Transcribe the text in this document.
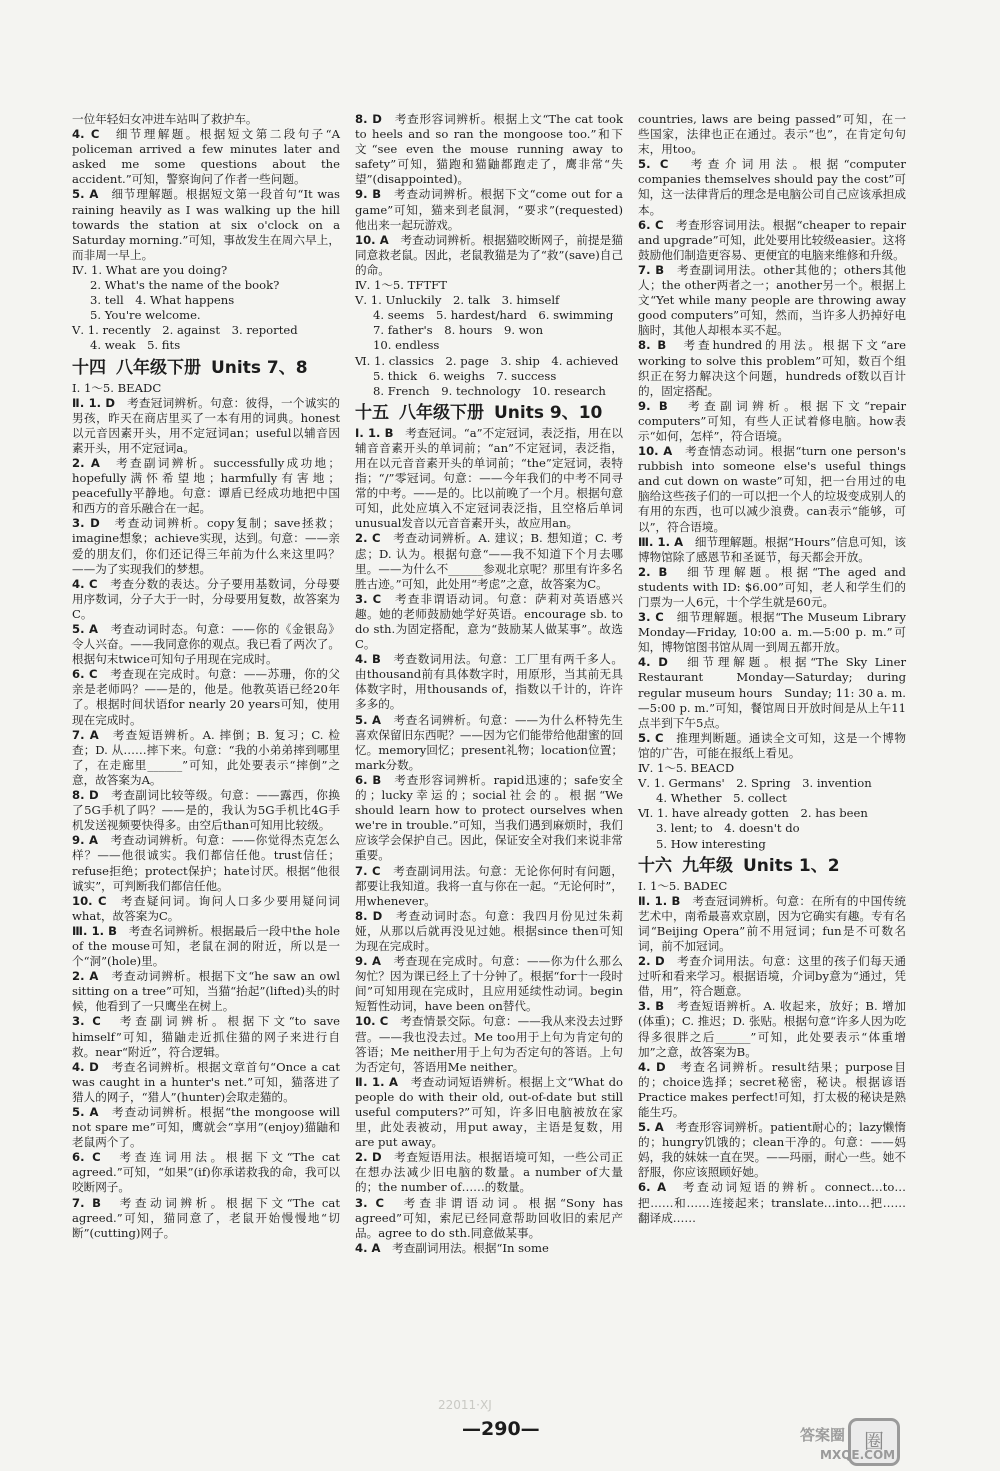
一位年轻妇女冲进车站叫了救护车。

4. C　 细节理解题。根据短文第二段句子“A policeman arrived a few minutes later and asked me some questions about the accident.”可知，警察询问了作者一些问题。

5. A　 细节理解题。根据短文第一段首句“It was raining heavily as I was walking up the hill towards the station at six o'clock on a Saturday morning.”可知，事故发生在周六早上，而非周一早上。

Ⅳ. 1. What are you doing?

2. What's the name of the book?

3. tell　4. What happens

5. You're welcome.

Ⅴ. 1. recently　2. against　3. reported

4. weak　5. fits

十四 八年级下册 Units 7、8

Ⅰ. 1～5. BEADC

Ⅱ. 1. D　 考查冠词辨析。句意：彼得，一个诚实的男孩，昨天在商店里买了一本有用的词典。honest以元音因素开头，用不定冠词an；useful以辅音因素开头，用不定冠词a。

2. A　 考查副词辨析。successfully成功地；hopefully满怀希望地；harmfully有害地；peacefully平静地。句意：谭盾已经成功地把中国和西方的音乐融合在一起。

3. D　 考查动词辨析。copy复制；save拯救；imagine想象；achieve实现，达到。句意：——亲爱的朋友们，你们还记得三年前为什么来这里吗？——为了实现我们的梦想。

4. C　 考查分数的表达。分子要用基数词，分母要用序数词，分子大于一时，分母要用复数，故答案为C。

5. A　 考查动词时态。句意：——你的《金银岛》令人兴奋。——我同意你的观点。我已看了两次了。根据句末twice可知句子用现在完成时。

6. C　 考查现在完成时。句意：——苏珊，你的父亲是老师吗？——是的，他是。他教英语已经20年了。根据时间状语for nearly 20 years可知，使用现在完成时。

7. A　 考查短语辨析。A. 摔倒；B. 复习；C. 检查；D. 从……摔下来。句意：“我的小弟弟摔到哪里了，在走廊里______”可知，此处要表示“摔倒”之意，故答案为A。

8. D　 考查副词比较等级。句意：——露西，你换了5G手机了吗？——是的，我认为5G手机比4G手机发送视频要快得多。由空后than可知用比较级。

9. A　 考查动词辨析。句意：——你觉得杰克怎么样？——他很诚实。我们都信任他。trust信任；refuse拒绝；protect保护；hate讨厌。根据“他很诚实”，可判断我们都信任他。

10. C　 考查疑问词。询问人口多少要用疑问词what，故答案为C。

Ⅲ. 1. B　 考查名词辨析。根据最后一段中the hole of the mouse可知，老鼠在洞的附近，所以是一个“洞”(hole)里。

2. A　 考查动词辨析。根据下文“he saw an owl sitting on a tree”可知，当猫“抬起”(lifted)头的时候，他看到了一只鹰坐在树上。

3. C　 考查副词辨析。根据下文“to save himself”可知，猫鼬走近抓住猫的网子来进行自救。near“附近”，符合逻辑。

4. D　 考查名词辨析。根据文章首句“Once a cat was caught in a hunter's net.”可知，猫落进了猎人的网子，“猎人”(hunter)会取走猫的。

5. A　 考查动词辨析。根据“the mongoose will not spare me”可知，鹰就会“享用”(enjoy)猫鼬和老鼠两个了。

6. C　 考查连词用法。根据下文“The cat agreed.”可知，“如果”(if)你承诺救我的命，我可以咬断网子。

7. B　 考查动词辨析。根据下文“The cat agreed.”可知，猫同意了，老鼠开始慢慢地“切断”(cutting)网子。

8. D　 考查形容词辨析。根据上文“The cat took to heels and so ran the mongoose too.”和下文“see even the mouse running away to safety”可知，猫跑和猫鼬都跑走了，鹰非常“失望”(disappointed)。

9. B　 考查动词辨析。根据下文“come out for a game”可知，猫来到老鼠洞，“要求”(requested)他出来一起玩游戏。

10. A　 考查动词辨析。根据猫咬断网子，前提是猫同意救老鼠。因此，老鼠教猫是为了“救”(save)自己的命。

Ⅳ. 1～5. TFTFT

Ⅴ. 1. Unluckily　2. talk　3. himself

4. seems　5. hardest/hard　6. swimming

7. father's　8. hours　9. won

10. endless

Ⅵ. 1. classics　2. page　3. ship　4. achieved

5. thick　6. weighs　7. success

8. French　9. technology　10. research

十五 八年级下册 Units 9、10

Ⅰ. 1. B　 考查冠词。“a”不定冠词，表泛指，用在以辅音音素开头的单词前；“an”不定冠词，表泛指，用在以元音音素开头的单词前；“the”定冠词，表特指；“/”零冠词。句意：——今年我们的中考不同寻常的中考。——是的。比以前晚了一个月。根据句意可知，此处应填入不定冠词表泛指，且空格后单词unusual发音以元音音素开头，故应用an。

2. C　 考查动词辨析。A. 建议；B. 想知道；C. 考虑；D. 认为。根据句意“——我不知道下个月去哪里。——为什么不______参观北京呢？那里有许多名胜古迹。”可知，此处用“考虑”之意，故答案为C。

3. C　 考查非谓语动词。句意：萨莉对英语感兴趣。她的老师鼓励她学好英语。encourage sb. to do sth.为固定搭配，意为“鼓励某人做某事”。故选C。

4. B　 考查数词用法。句意：工厂里有两千多人。由thousand前有具体数字时，用原形，当其前无具体数字时，用thousands of，指数以千计的，许许多多的。

5. A　 考查名词辨析。句意：——为什么杯特先生喜欢保留旧东西呢？——因为它们能带给他甜蜜的回忆。memory回忆；present礼物；location位置；mark分数。

6. B　 考查形容词辨析。rapid迅速的；safe安全的；lucky幸运的；social社会的。根据“We should learn how to protect ourselves when we're in trouble.”可知，当我们遇到麻烦时，我们应该学会保护自己。因此，保证安全对我们来说非常重要。

7. C　 考查副词用法。句意：无论你何时有问题，都要让我知道。我将一直与你在一起。“无论何时”，用whenever。

8. D　 考查动词时态。句意：我四月份见过朱莉娅，从那以后就再没见过她。根据since then可知为现在完成时。

9. A　 考查现在完成时。句意：——你为什么那么匆忙？因为课已经上了十分钟了。根据“for十一段时间”可知用现在完成时，且应用延续性动词。begin短暂性动词，have been on替代。

10. C　 考查情景交际。句意：——我从来没去过野营。——我也没去过。Me too用于上句为肯定句的答语；Me neither用于上句为否定句的答语。上句为否定句，答语用Me neither。

Ⅱ. 1. A　 考查动词短语辨析。根据上文“What do people do with their old, out-of-date but still useful computers?”可知，许多旧电脑被放在家里，此处表被动，用put away，主语是复数，用are put away。

2. D　 考查短语用法。根据语境可知，一些公司正在想办法减少旧电脑的数量。a number of大量的；the number of……的数量。

3. C　 考查非谓语动词。根据“Sony has agreed”可知，索尼已经同意帮助回收旧的索尼产品。agree to do sth.同意做某事。

4. A　 考查副词用法。根据“In some

countries, laws are being passed”可知，在一些国家，法律也正在通过。表示“也”，在肯定句句末，用too。

5. C　 考查介词用法。根据“computer companies themselves should pay the cost”可知，这一法律背后的理念是电脑公司自己应该承担成本。

6. C　 考查形容词用法。根据“cheaper to repair and upgrade”可知，此处要用比较级easier。这将鼓励他们制造更容易、更便宜的电脑来维修和升级。

7. B　 考查副词用法。other其他的；others其他人；the other两者之一；another另一个。根据上文“Yet while many people are throwing away good computers”可知，然而，当许多人扔掉好电脑时，其他人却根本买不起。

8. B　 考查hundred的用法。根据下文“are working to solve this problem”可知，数百个组织正在努力解决这个问题，hundreds of数以百计的，固定搭配。

9. B　 考查副词辨析。根据下文“repair computers”可知，有些人正试着修电脑。how表示“如何，怎样”，符合语境。

10. A　 考查情态动词。根据“turn one person's rubbish into someone else's useful things and cut down on waste”可知，把一台用过的电脑给这些孩子们的一可以把一个人的垃圾变成别人的有用的东西，也可以减少浪费。can表示“能够，可以”，符合语境。

Ⅲ. 1. A　 细节理解题。根据“Hours”信息可知，该博物馆除了感恩节和圣诞节，每天都会开放。

2. B　 细节理解题。根据“The aged and students with ID: $6.00”可知，老人和学生们的门票为一人6元，十个学生就是60元。

3. C　 细节理解题。根据“The Museum Library　Monday—Friday, 10:00 a. m.—5:00 p. m.”可知，博物馆图书馆从周一到周五都开放。

4. D　 细节理解题。根据“The Sky Liner Restaurant　Monday—Saturday; during regular museum hours　Sunday; 11: 30 a. m.—5:00 p. m.”可知，餐馆周日开放时间是从上午11点半到下午5点。

5. C　 推理判断题。通读全文可知，这是一个博物馆的广告，可能在报纸上看见。

Ⅳ. 1～5. BEACD

Ⅴ. 1. Germans'　2. Spring　3. invention

4. Whether　5. collect

Ⅵ. 1. have already gotten　2. has been

3. lent; to　4. doesn't do

5. How interesting

十六 九年级 Units 1、2

Ⅰ. 1～5. BADEC

Ⅱ. 1. B　 考查冠词辨析。句意：在所有的中国传统艺术中，南希最喜欢京剧，因为它确实有趣。专有名词“Beijing Opera”前不用冠词；fun是不可数名词，前不加冠词。

2. D　 考查介词用法。句意：这里的孩子们每天通过听和看来学习。根据语境，介词by意为“通过，凭借，用”，符合题意。

3. B　 考查短语辨析。A. 收起来，放好；B. 增加(体重)；C. 推迟；D. 张贴。根据句意“许多人因为吃得多很胖之后______”可知，此处要表示“体重增加”之意，故答案为B。

4. D　 考查名词辨析。result结果；purpose目的；choice选择；secret秘密，秘诀。根据谚语Practice makes perfect!可知，打太极的秘诀是熟能生巧。

5. A　 考查形容词辨析。patient耐心的；lazy懒惰的；hungry饥饿的；clean干净的。句意：——妈妈，我的妹妹一直在哭。——玛丽，耐心一些。她不舒服，你应该照顾好她。

6. A　 考查动词短语的辨析。connect…to…把……和……连接起来；translate…into…把……翻译成……

22011·XJ
—290—	圈
答案圈
MXQE.COM
